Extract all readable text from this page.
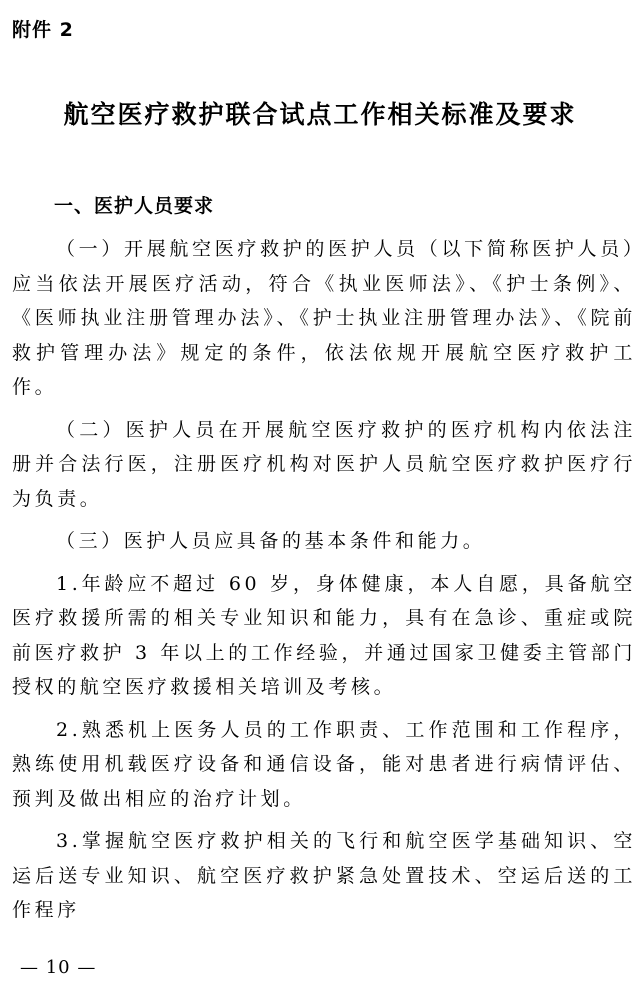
附件 2
航空医疗救护联合试点工作相关标准及要求
一、医护人员要求

（一）开展航空医疗救护的医护人员（以下简称医护人员）应当依法开展医疗活动，符合《执业医师法》、《护士条例》、《医师执业注册管理办法》、《护士执业注册管理办法》、《院前救护管理办法》规定的条件，依法依规开展航空医疗救护工作。

（二）医护人员在开展航空医疗救护的医疗机构内依法注册并合法行医，注册医疗机构对医护人员航空医疗救护医疗行为负责。

（三）医护人员应具备的基本条件和能力。

1.年龄应不超过 60 岁，身体健康，本人自愿，具备航空医疗救援所需的相关专业知识和能力，具有在急诊、重症或院前医疗救护 3 年以上的工作经验，并通过国家卫健委主管部门授权的航空医疗救援相关培训及考核。

2.熟悉机上医务人员的工作职责、工作范围和工作程序，熟练使用机载医疗设备和通信设备，能对患者进行病情评估、预判及做出相应的治疗计划。

3.掌握航空医疗救护相关的飞行和航空医学基础知识、空运后送专业知识、航空医疗救护紧急处置技术、空运后送的工作程序

— 10 —
